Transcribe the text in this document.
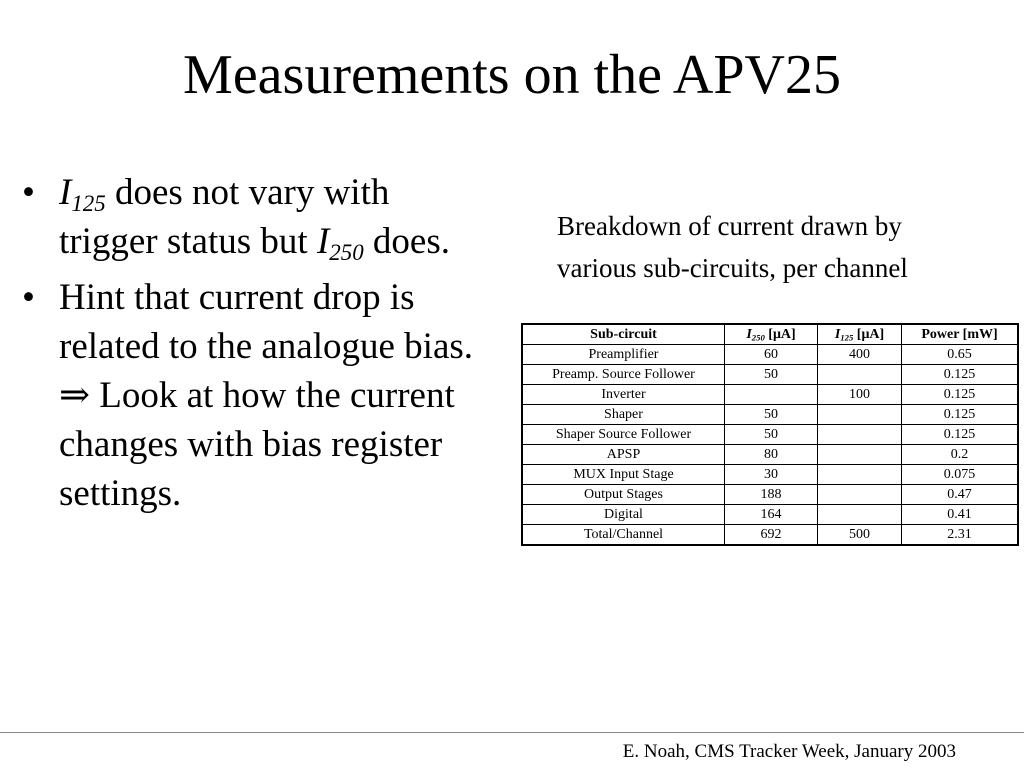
Measurements on the APV25
• $I_{125}$ does not vary with trigger status but $I_{250}$ does.
• Hint that current drop is related to the analogue bias.
⇒ Look at how the current changes with bias register settings.
Breakdown of current drawn by
various sub-circuits, per channel
Sub-circuit	$I_{250}$ [μA]	$I_{125}$ [μA]	Power [mW]
Preamplifier	60	400	0.65
Preamp. Source Follower	50		0.125
Inverter		100	0.125
Shaper	50		0.125
Shaper Source Follower	50		0.125
APSP	80		0.2
MUX Input Stage	30		0.075
Output Stages	188		0.47
Digital	164		0.41
Total/Channel	692	500	2.31
E. Noah, CMS Tracker Week, January 2003
